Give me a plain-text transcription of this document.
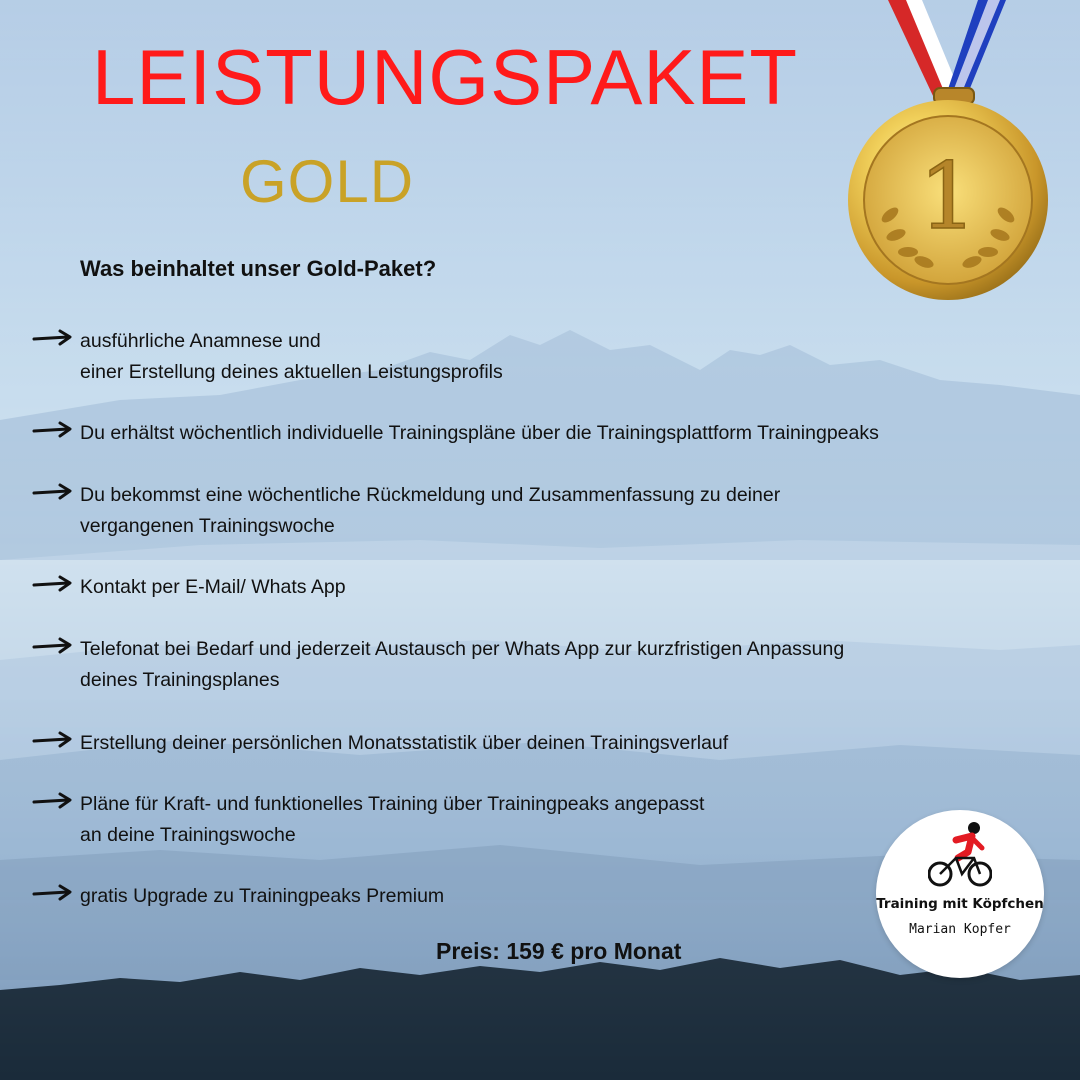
LEISTUNGSPAKET
GOLD
Was beinhaltet unser Gold-Paket?
ausführliche Anamnese und
einer Erstellung deines aktuellen Leistungsprofils
Du erhältst wöchentlich individuelle Trainingspläne über die Trainingsplattform Trainingpeaks
Du bekommst eine wöchentliche Rückmeldung und Zusammenfassung zu deiner
vergangenen Trainingswoche
Kontakt per E-Mail/ Whats App
Telefonat bei Bedarf und jederzeit Austausch per Whats App zur kurzfristigen Anpassung
deines Trainingsplanes
Erstellung deiner persönlichen Monatsstatistik über deinen Trainingsverlauf
Pläne für Kraft- und funktionelles Training über Trainingpeaks angepasst
an deine Trainingswoche
gratis Upgrade zu Trainingpeaks Premium
Preis: 159 € pro Monat
1
Training mit Köpfchen
Marian Kopfer
